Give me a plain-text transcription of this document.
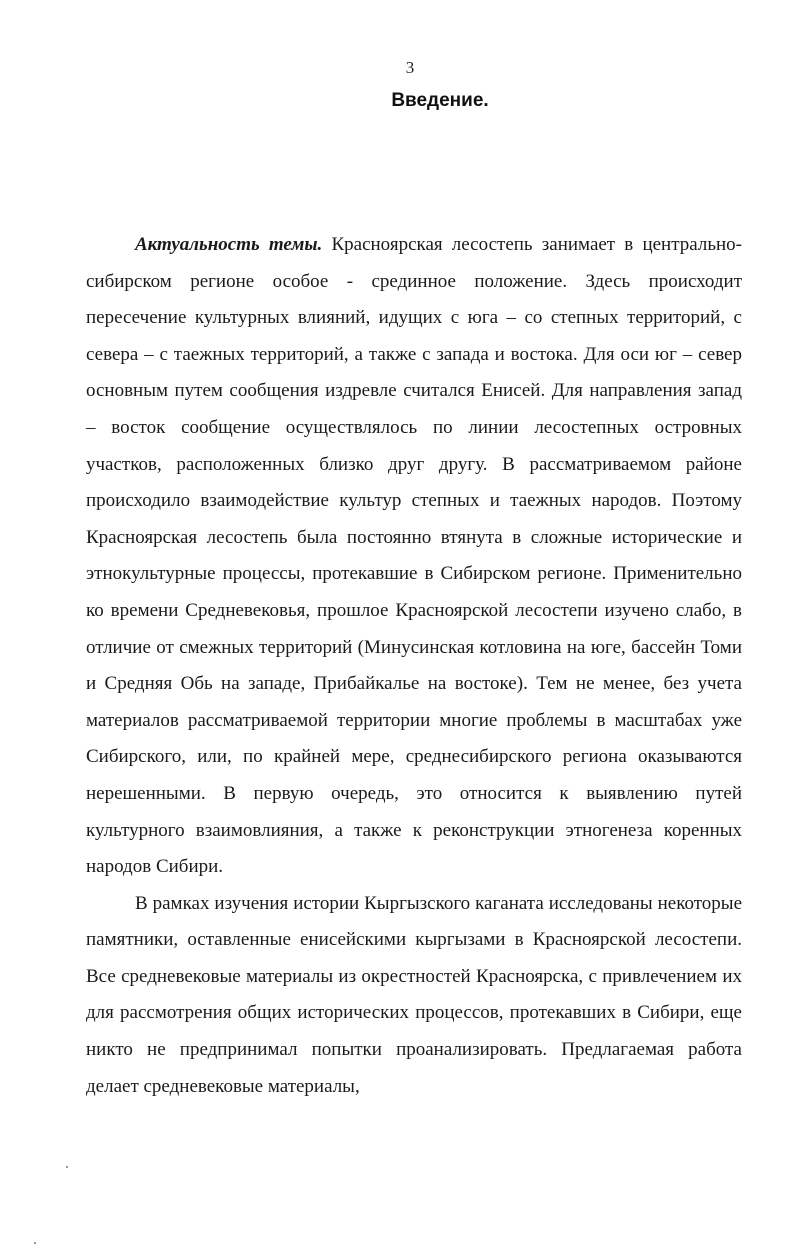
3
Введение.

Актуальность темы. Красноярская лесостепь занимает в центрально-сибирском регионе особое - срединное положение. Здесь происходит пересечение культурных влияний, идущих с юга – со степных территорий, с севера – с таежных территорий, а также с запада и востока. Для оси юг – север основным путем сообщения издревле считался Енисей. Для направления запад – восток сообщение осуществлялось по линии лесостепных островных участков, расположенных близко друг другу. В рассматриваемом районе происходило взаимодействие культур степных и таежных народов. Поэтому Красноярская лесостепь была постоянно втянута в сложные исторические и этнокультурные процессы, протекавшие в Сибирском регионе. Применительно ко времени Средневековья, прошлое Красноярской лесостепи изучено слабо, в отличие от смежных территорий (Минусинская котловина на юге, бассейн Томи и Средняя Обь на западе, Прибайкалье на востоке). Тем не менее, без учета материалов рассматриваемой территории многие проблемы в масштабах уже Сибирского, или, по крайней мере, среднесибирского региона оказываются нерешенными. В первую очередь, это относится к выявлению путей культурного взаимовлияния, а также к реконструкции этногенеза коренных народов Сибири.

В рамках изучения истории Кыргызского каганата исследованы некоторые памятники, оставленные енисейскими кыргызами в Красноярской лесостепи. Все средневековые материалы из окрестностей Красноярска, с привлечением их для рассмотрения общих исторических процессов, протекавших в Сибири, еще никто не предпринимал попытки проанализировать. Предлагаемая работа делает средневековые материалы,
